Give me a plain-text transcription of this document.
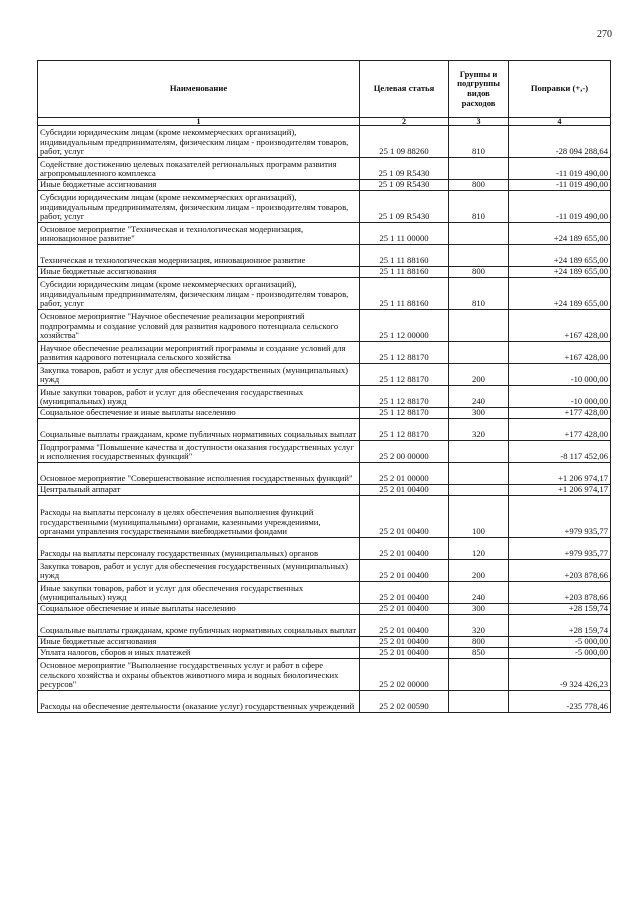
270
Наименование	Целевая статья	Группы и
подгруппы
видов
расходов	Поправки (+,-)
1	2	3	4
Субсидии юридическим лицам (кроме некоммерческих организаций), индивидуальным предпринимателям, физическим лицам - производителям товаров, работ, услуг	25 1 09 88260	810	-28 094 288,64
Содействие достижению целевых показателей региональных программ развития агропромышленного комплекса	25 1 09 R5430		-11 019 490,00
Иные бюджетные ассигнования	25 1 09 R5430	800	-11 019 490,00
Субсидии юридическим лицам (кроме некоммерческих организаций), индивидуальным предпринимателям, физическим лицам - производителям товаров, работ, услуг	25 1 09 R5430	810	-11 019 490,00
Основное мероприятие "Техническая и технологическая модернизация, инновационное развитие"	25 1 11 00000		+24 189 655,00
Техническая и технологическая модернизация, инновационное развитие	25 1 11 88160		+24 189 655,00
Иные бюджетные ассигнования	25 1 11 88160	800	+24 189 655,00
Субсидии юридическим лицам (кроме некоммерческих организаций), индивидуальным предпринимателям, физическим лицам - производителям товаров, работ, услуг	25 1 11 88160	810	+24 189 655,00
Основное мероприятие "Научное обеспечение реализации мероприятий подпрограммы и создание условий для развития кадрового потенциала сельского хозяйства"	25 1 12 00000		+167 428,00
Научное обеспечение реализации мероприятий программы и создание условий для развития кадрового потенциала сельского хозяйства	25 1 12 88170		+167 428,00
Закупка товаров, работ и услуг для обеспечения государственных (муниципальных) нужд	25 1 12 88170	200	-10 000,00
Иные закупки товаров, работ и услуг для обеспечения государственных (муниципальных) нужд	25 1 12 88170	240	-10 000,00
Социальное обеспечение и иные выплаты населению	25 1 12 88170	300	+177 428,00
Социальные выплаты гражданам, кроме публичных нормативных социальных выплат	25 1 12 88170	320	+177 428,00
Подпрограмма "Повышение качества и доступности оказания государственных услуг и исполнения государственных функций"	25 2 00 00000		-8 117 452,06
Основное мероприятие "Совершенствование исполнения государственных функций"	25 2 01 00000		+1 206 974,17
Центральный аппарат	25 2 01 00400		+1 206 974,17
Расходы на выплаты персоналу в целях обеспечения выполнения функций государственными (муниципальными) органами, казенными учреждениями, органами управления государственными внебюджетными фондами	25 2 01 00400	100	+979 935,77
Расходы на выплаты персоналу государственных (муниципальных) органов	25 2 01 00400	120	+979 935,77
Закупка товаров, работ и услуг для обеспечения государственных (муниципальных) нужд	25 2 01 00400	200	+203 878,66
Иные закупки товаров, работ и услуг для обеспечения государственных (муниципальных) нужд	25 2 01 00400	240	+203 878,66
Социальное обеспечение и иные выплаты населению	25 2 01 00400	300	+28 159,74
Социальные выплаты гражданам, кроме публичных нормативных социальных выплат	25 2 01 00400	320	+28 159,74
Иные бюджетные ассигнования	25 2 01 00400	800	-5 000,00
Уплата налогов, сборов и иных платежей	25 2 01 00400	850	-5 000,00
Основное мероприятие "Выполнение государственных услуг и работ в сфере сельского хозяйства и охраны объектов животного мира и водных биологических ресурсов"	25 2 02 00000		-9 324 426,23
Расходы на обеспечение деятельности (оказание услуг) государственных учреждений	25 2 02 00590		-235 778,46
